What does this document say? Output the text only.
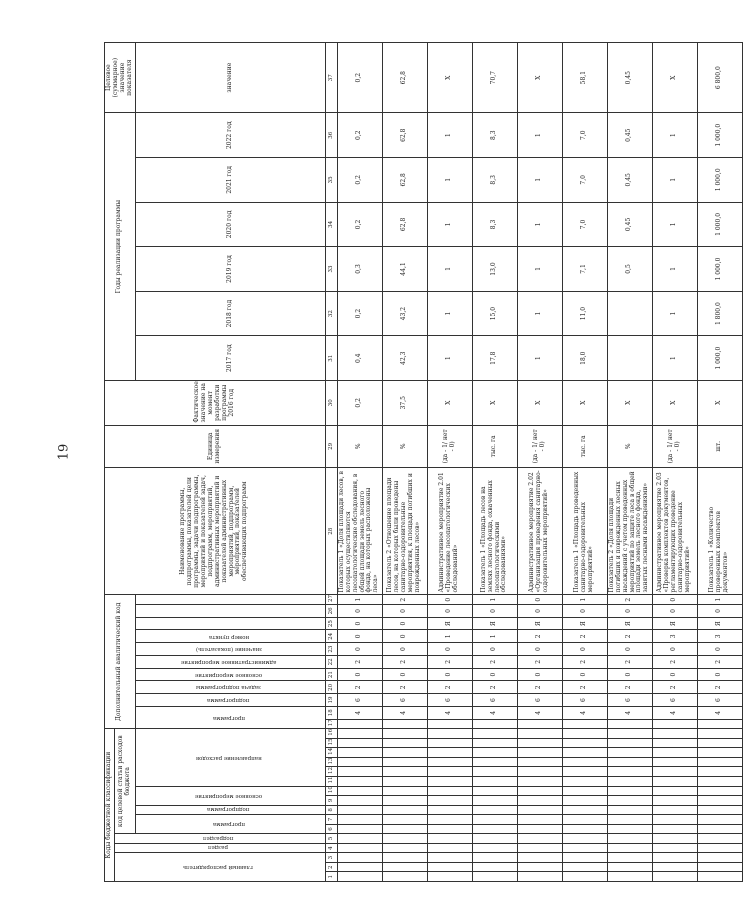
19
Коды бюджетной классификации																Дополнительный аналитический код											Наименование программы, подпрограммы, показателей цели программы, задачи подпрограммы, мероприятий и показателей задач, подпрограмм, мероприятий, административных мероприятий и показателей административных мероприятий, подпрограмм, мероприятий, показателей обеспечивающих подпрограмм	Единица измерения	Фактическое значение на момент разработки программы 2016 год	Годы реализации программы						Целевое (суммарное) значение показателя
главный распорядитель			раздел	подраздел	код целевой статьи расходов бюджета																															
					программа		подпрограмма	основное мероприятие		направление расходов						программа		подпрограмма	задача подпрограммы	основное мероприятие	административное мероприятие	значение (показатель)	номер пункта							2017 год	2018 год	2019 год	2020 год	2021 год	2022 год	значение
1	2	3	4	5	6	7	8	9	10	11	12	13	14	15	16	17	18	19	20	21	22	23	24	25	26	27	28	29	30	31	32	33	34	35	36	37
																	4	6	2	0	2	0	0	0	0	1	Показатель 1 «Доля площади лесов, в которых осуществляются лесопатологические обследования, в общей площади земель лесного фонда, на которых расположены леса»	%	0,2	0,4	0,2	0,3	0,2	0,2	0,2	0,2
																	4	6	2	0	2	0	0	0	0	2	Показатель 2 «Отношение площади лесов, на которых были проведены санитарно-оздоровительные мероприятия, к площади погибших и поврежденных лесов»	%	37,5	42,3	43,2	44,1	62,8	62,8	62,8	62,8
																	4	6	2	0	2	0	1	Я	0	0	Административное мероприятие 2.01 «Проведение лесопатологических обследований»	(да - 1/ нет - 0)	X	1	1	1	1	1	1	X
																	4	6	2	0	2	0	1	Я	0	1	Показатель 1 «Площадь лесов на землях лесного фонда, охваченных лесопатологическими обследованиями»	тыс. га	X	17,8	15,0	13,0	8,3	8,3	8,3	70,7
																	4	6	2	0	2	0	2	Я	0	0	Административное мероприятие 2.02 «Организация проведения санитарно-оздоровительных мероприятий»	(да - 1/ нет - 0)	X	1	1	1	1	1	1	X
																	4	6	2	0	2	0	2	Я	0	1	Показатель 1 «Площадь проведенных санитарно-оздоровительных мероприятий»	тыс. га	X	18,0	11,0	7,1	7,0	7,0	7,0	58,1
																	4	6	2	0	2	0	2	Я	0	2	Показатель 2 «Доля площади погибших и поврежденных лесных насаждений с учетом проведенных мероприятий по защите леса в общей площади земель лесного фонда, занятых лесными насаждениями»	%	X			0,5	0,45	0,45	0,45	0,45
																	4	6	2	0	2	0	3	Я	0	0	Административное мероприятие 2.03 «Проверка комплектов документов, регламентирующих проведение санитарно-оздоровительных мероприятий»	(да - 1/ нет - 0)	X	1	1	1	1	1	1	X
																	4	6	2	0	2	0	3	Я	0	1	Показатель 1 «Количество проверенных комплектов документов»	шт.	X	1 000,0	1 800,0	1 000,0	1 000,0	1 000,0	1 000,0	6 800,0
